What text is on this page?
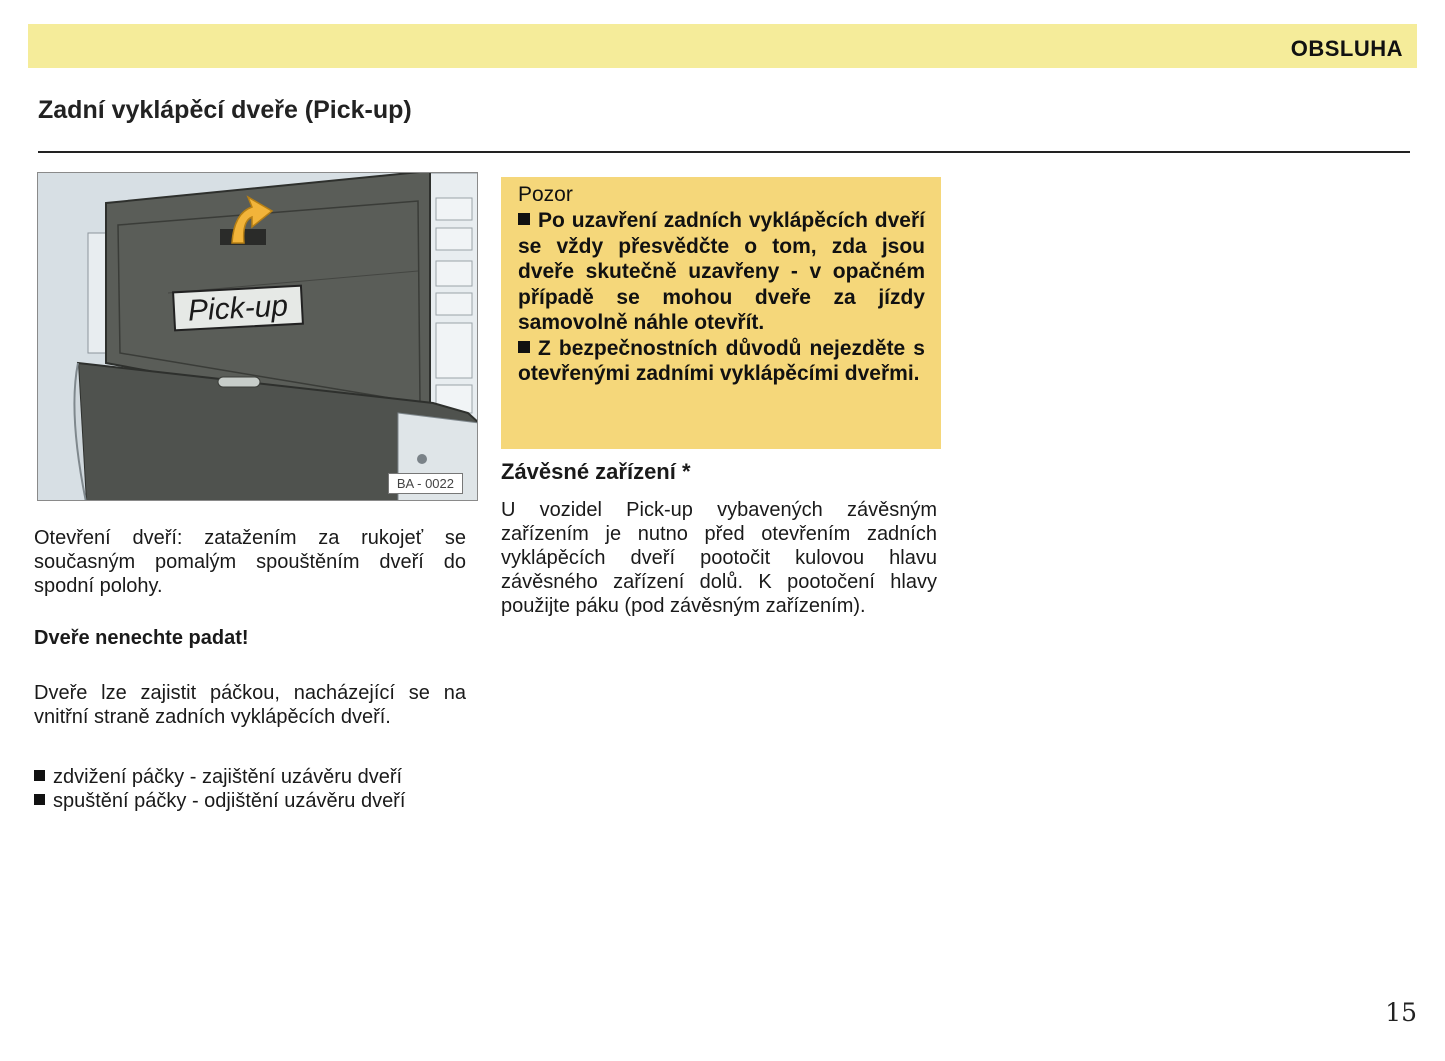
OBSLUHA
Zadní vyklápěcí dveře (Pick-up)
Pick-up
BA - 0022

Otevření dveří: zatažením za rukojeť se současným pomalým spouštěním dveří do spodní polohy.

Dveře nenechte padat!

Dveře lze zajistit páčkou, nacházející se na vnitřní straně zadních vyklápěcích dveří.

zdvižení páčky - zajištění uzávěru dveří

spuštění páčky - odjištění uzávěru dveří

Pozor

Po uzavření zadních vyklápěcích dveří se vždy přesvědčte o tom, zda jsou dveře skutečně uzavřeny - v opačném případě se mohou dveře za jízdy samovolně náhle otevřít.

Z bezpečnostních důvodů nejezděte s otevřenými zadními vyklápěcími dveřmi.

Závěsné zařízení *

U vozidel Pick-up vybavených závěsným zařízením je nutno před otevřením zadních vyklápěcích dveří pootočit kulovou hlavu závěsného zařízení dolů. K pootočení hlavy použijte páku (pod závěsným zařízením).

15
